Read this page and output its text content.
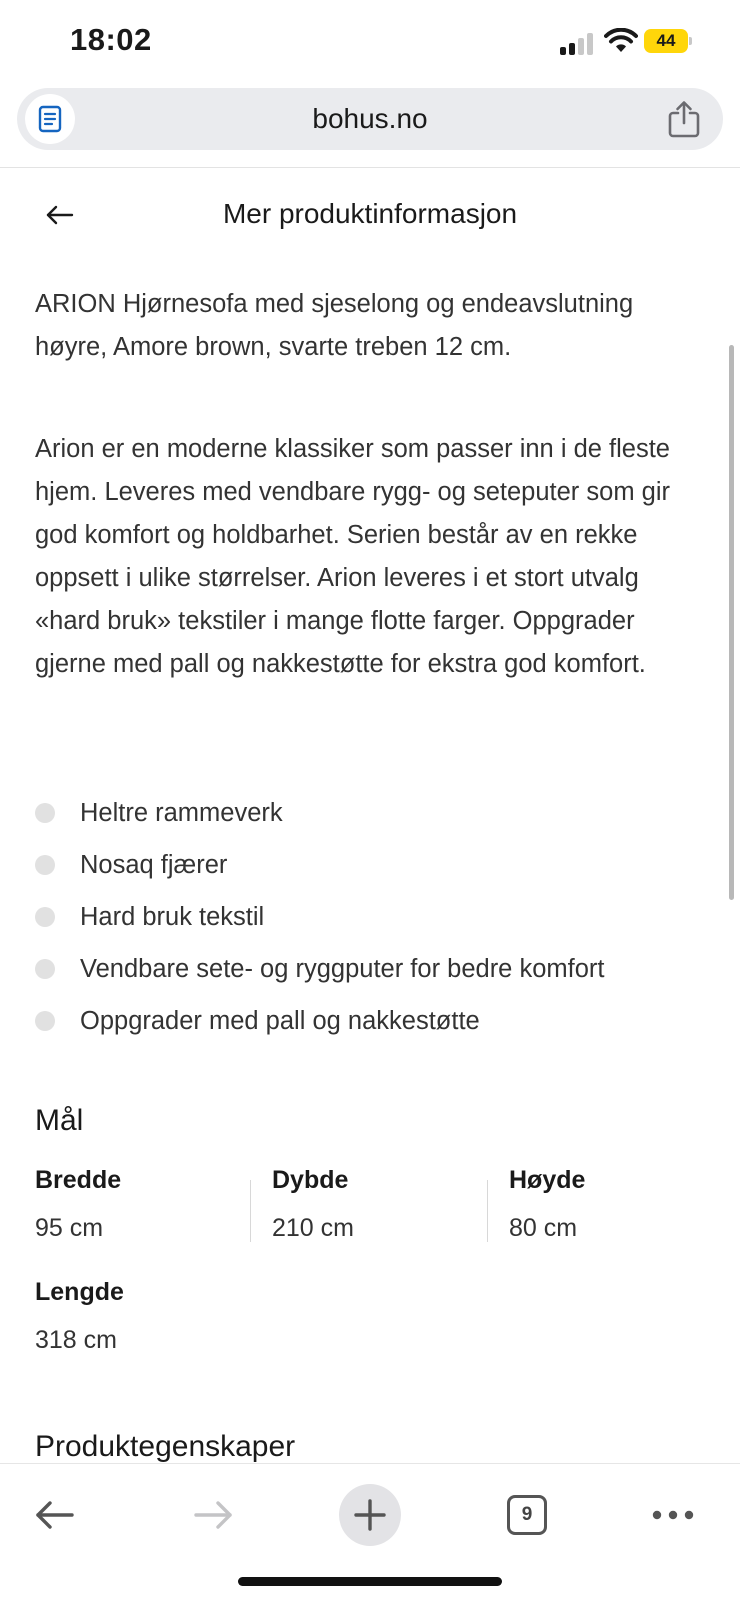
18:02	44
bohus.no
Mer produktinformasjon

ARION Hjørnesofa med sjeselong og endeavslutning høyre, Amore brown, svarte treben 12 cm.

Arion er en moderne klassiker som passer inn i de fleste hjem. Leveres med vendbare rygg- og seteputer som gir god komfort og holdbarhet. Serien består av en rekke oppsett i ulike størrelser. Arion leveres i et stort utvalg «hard bruk» tekstiler i mange flotte farger. Oppgrader gjerne med pall og nakkestøtte for ekstra god komfort.

Heltre rammeverk
Nosaq fjærer
Hard bruk tekstil
Vendbare sete- og ryggputer for bedre komfort
Oppgrader med pall og nakkestøtte
Mål
Bredde
95 cm
Dybde
210 cm
Høyde
80 cm
Lengde
318 cm
Produktegenskaper
9
